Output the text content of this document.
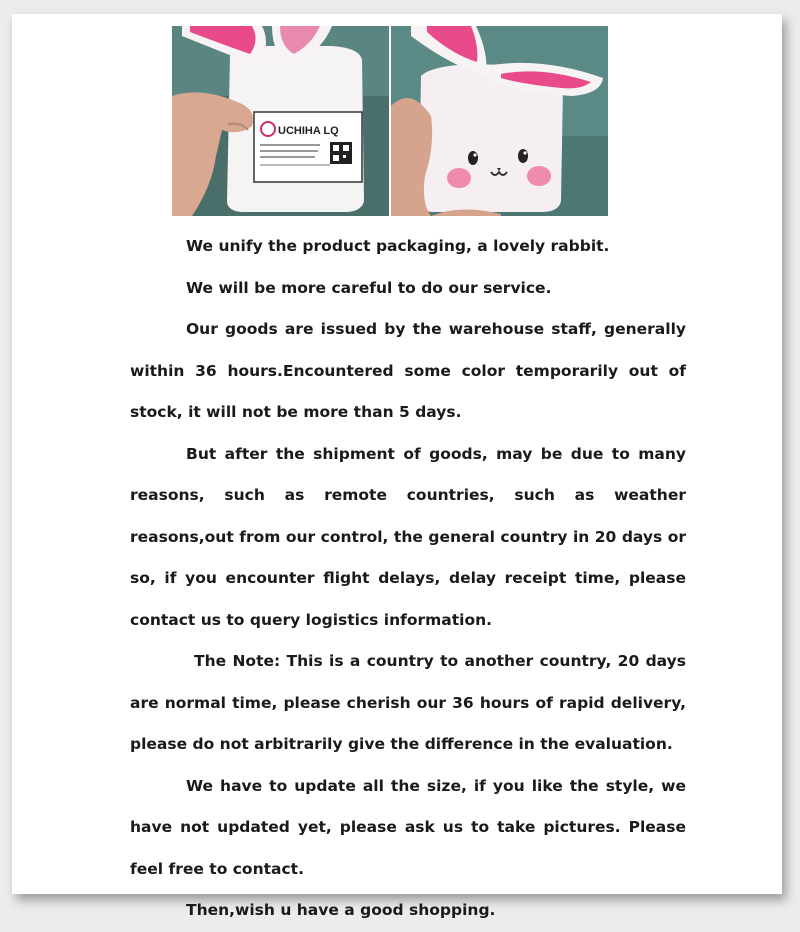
UCHIHA LQ

We unify the product packaging, a lovely rabbit.

We will be more careful to do our service.

Our goods are issued by the warehouse staff, generally within 36 hours.Encountered some color temporarily out of stock, it will not be more than 5 days.

But after the shipment of goods, may be due to many reasons, such as remote countries, such as weather reasons,out from our control, the general country in 20 days or so, if you encounter flight delays, delay receipt time, please contact us to query logistics information.

The Note: This is a country to another country, 20 days are normal time, please cherish our 36 hours of rapid delivery, please do not arbitrarily give the difference in the evaluation.

We have to update all the size, if you like the style, we have not updated yet, please ask us to take pictures. Please feel free to contact.

Then,wish u have a good shopping.
